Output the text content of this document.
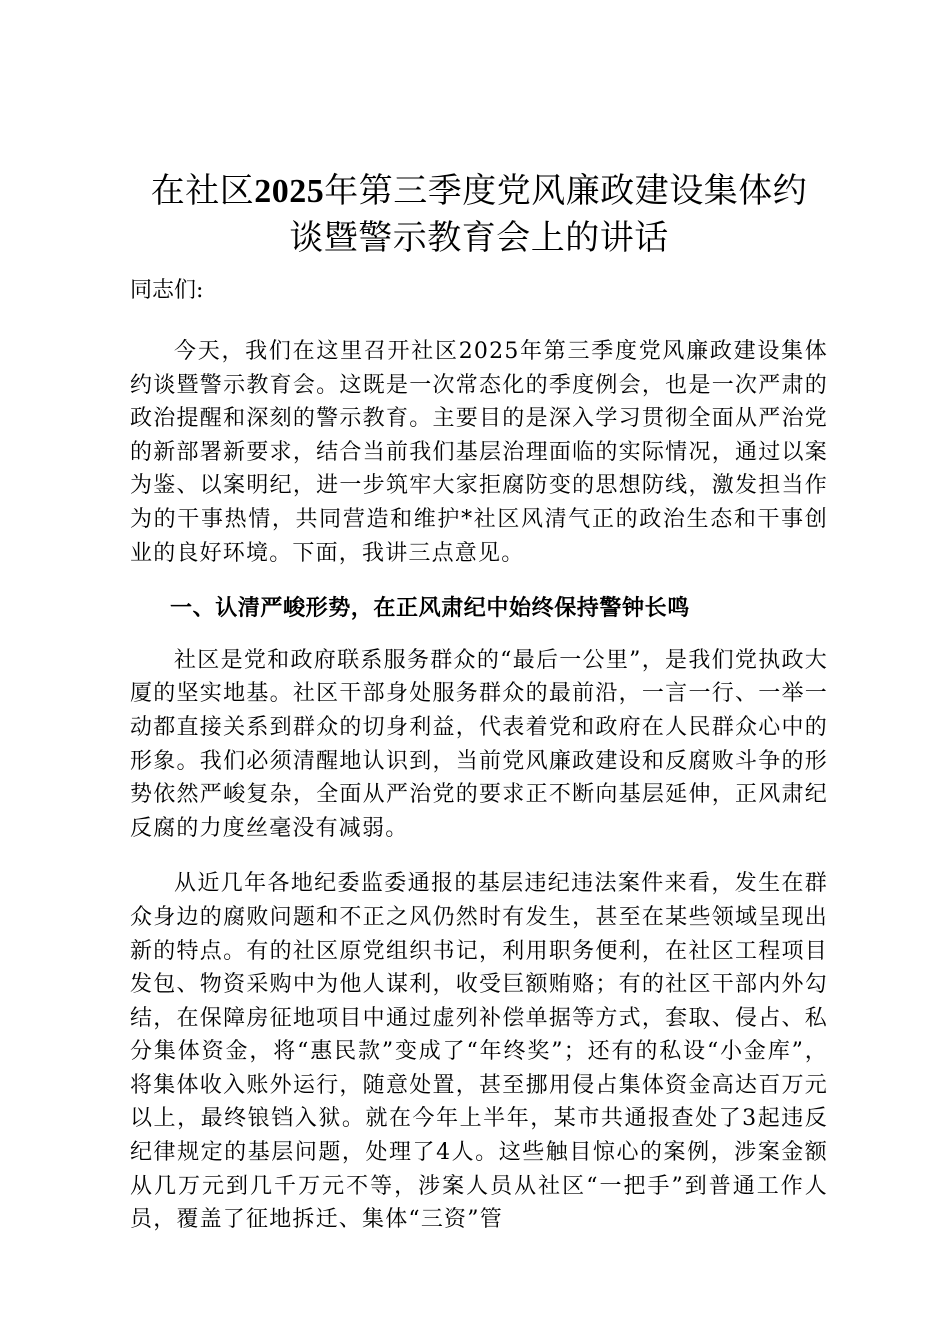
在社区2025年第三季度党风廉政建设集体约
谈暨警示教育会上的讲话

同志们:

今天，我们在这里召开社区2025年第三季度党风廉政建设集体约谈暨警示教育会。这既是一次常态化的季度例会，也是一次严肃的政治提醒和深刻的警示教育。主要目的是深入学习贯彻全面从严治党的新部署新要求，结合当前我们基层治理面临的实际情况，通过以案为鉴、以案明纪，进一步筑牢大家拒腐防变的思想防线，激发担当作为的干事热情，共同营造和维护*社区风清气正的政治生态和干事创业的良好环境。下面，我讲三点意见。

一、认清严峻形势，在正风肃纪中始终保持警钟长鸣

社区是党和政府联系服务群众的“最后一公里”，是我们党执政大厦的坚实地基。社区干部身处服务群众的最前沿，一言一行、一举一动都直接关系到群众的切身利益，代表着党和政府在人民群众心中的形象。我们必须清醒地认识到，当前党风廉政建设和反腐败斗争的形势依然严峻复杂，全面从严治党的要求正不断向基层延伸，正风肃纪反腐的力度丝毫没有减弱。

从近几年各地纪委监委通报的基层违纪违法案件来看，发生在群众身边的腐败问题和不正之风仍然时有发生，甚至在某些领域呈现出新的特点。有的社区原党组织书记，利用职务便利，在社区工程项目发包、物资采购中为他人谋利，收受巨额贿赂；有的社区干部内外勾结，在保障房征地项目中通过虚列补偿单据等方式，套取、侵占、私分集体资金，将“惠民款”变成了“年终奖”；还有的私设“小金库”，将集体收入账外运行，随意处置，甚至挪用侵占集体资金高达百万元以上，最终锒铛入狱。就在今年上半年，某市共通报查处了3起违反纪律规定的基层问题，处理了4人。这些触目惊心的案例，涉案金额从几万元到几千万元不等，涉案人员从社区“一把手”到普通工作人员，覆盖了征地拆迁、集体“三资”管
